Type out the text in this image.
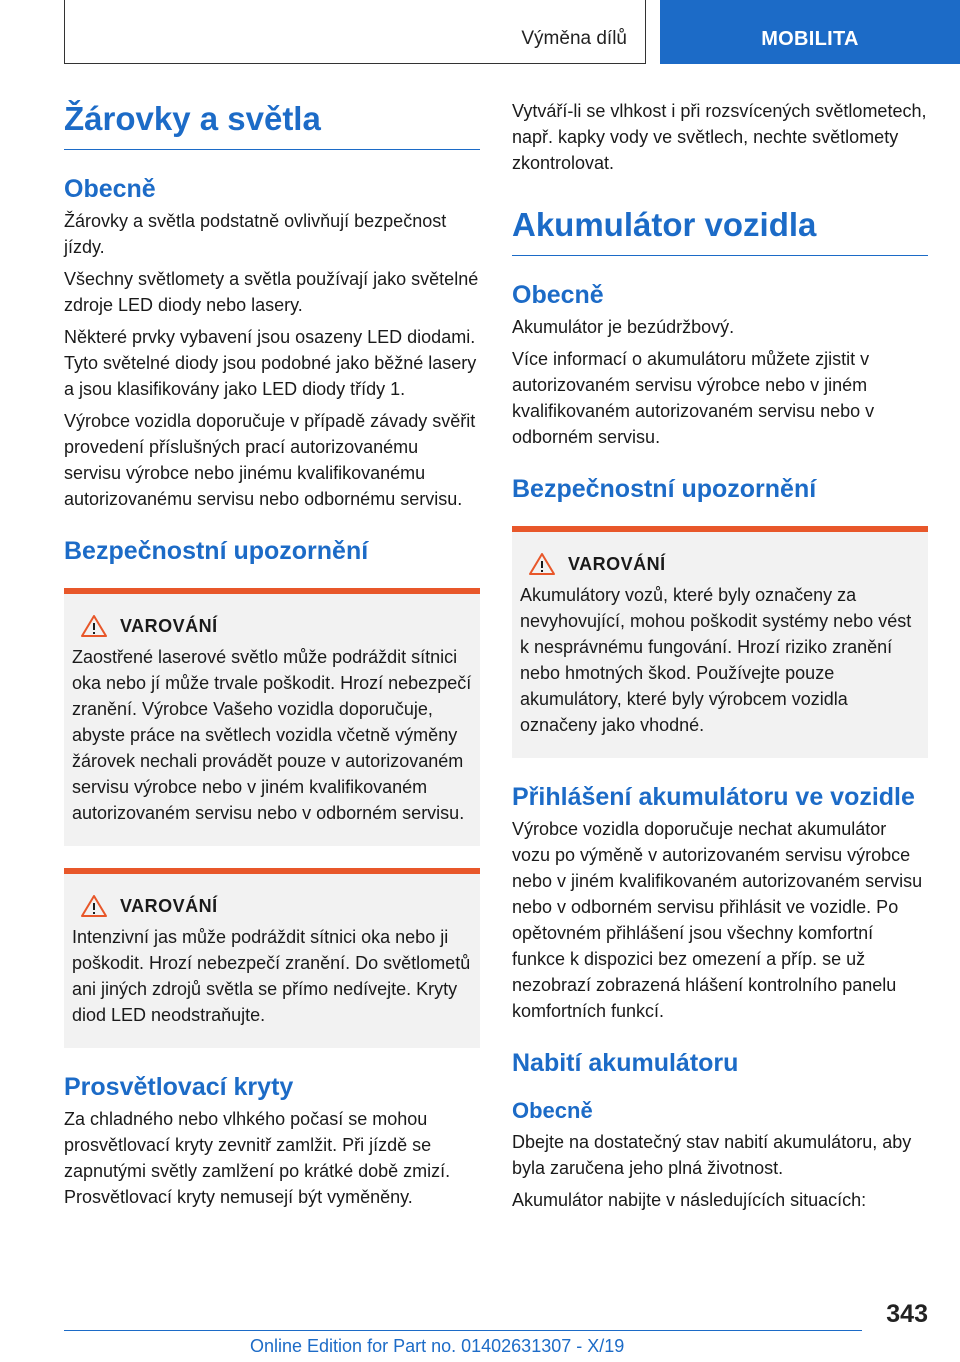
Výměna dílů	MOBILITA
Žárovky a světla
Obecně

Žárovky a světla podstatně ovlivňují bezpečnost jízdy.

Všechny světlomety a světla používají jako světelné zdroje LED diody nebo lasery.

Některé prvky vybavení jsou osazeny LED diodami. Tyto světelné diody jsou podobné jako běžné lasery a jsou klasifikovány jako LED diody třídy 1.

Výrobce vozidla doporučuje v případě závady svěřit provedení příslušných prací autorizovanému servisu výrobce nebo jinému kvalifikovanému autorizovanému servisu nebo odbornému servisu.

Bezpečnostní upozornění
VAROVÁNÍ

Zaostřené laserové světlo může podráždit sítnici oka nebo jí může trvale poškodit. Hrozí nebezpečí zranění. Výrobce Vašeho vozidla doporučuje, abyste práce na světlech vozidla včetně výměny žárovek nechali provádět pouze v autorizovaném servisu výrobce nebo v jiném kvalifikovaném autorizovaném servisu nebo v odborném servisu.

VAROVÁNÍ

Intenzivní jas může podráždit sítnici oka nebo ji poškodit. Hrozí nebezpečí zranění. Do světlometů ani jiných zdrojů světla se přímo nedívejte. Kryty diod LED neodstraňujte.

Prosvětlovací kryty

Za chladného nebo vlhkého počasí se mohou prosvětlovací kryty zevnitř zamlžit. Při jízdě se zapnutými světly zamlžení po krátké době zmizí. Prosvětlovací kryty nemusejí být vyměněny.

Vytváří-li se vlhkost i při rozsvícených světlometech, např. kapky vody ve světlech, nechte světlomety zkontrolovat.

Akumulátor vozidla
Obecně

Akumulátor je bezúdržbový.

Více informací o akumulátoru můžete zjistit v autorizovaném servisu výrobce nebo v jiném kvalifikovaném autorizovaném servisu nebo v odborném servisu.

Bezpečnostní upozornění
VAROVÁNÍ

Akumulátory vozů, které byly označeny za nevyhovující, mohou poškodit systémy nebo vést k nesprávnému fungování. Hrozí riziko zranění nebo hmotných škod. Používejte pouze akumulátory, které byly výrobcem vozidla označeny jako vhodné.

Přihlášení akumulátoru ve vozidle

Výrobce vozidla doporučuje nechat akumulátor vozu po výměně v autorizovaném servisu výrobce nebo v jiném kvalifikovaném autorizovaném servisu nebo v odborném servisu přihlásit ve vozidle. Po opětovném přihlášení jsou všechny komfortní funkce k dispozici bez omezení a příp. se už nezobrazí zobrazená hlášení kontrolního panelu komfortních funkcí.

Nabití akumulátoru
Obecně

Dbejte na dostatečný stav nabití akumulátoru, aby byla zaručena jeho plná životnost.

Akumulátor nabijte v následujících situacích:

343
Online Edition for Part no. 01402631307 - X/19
